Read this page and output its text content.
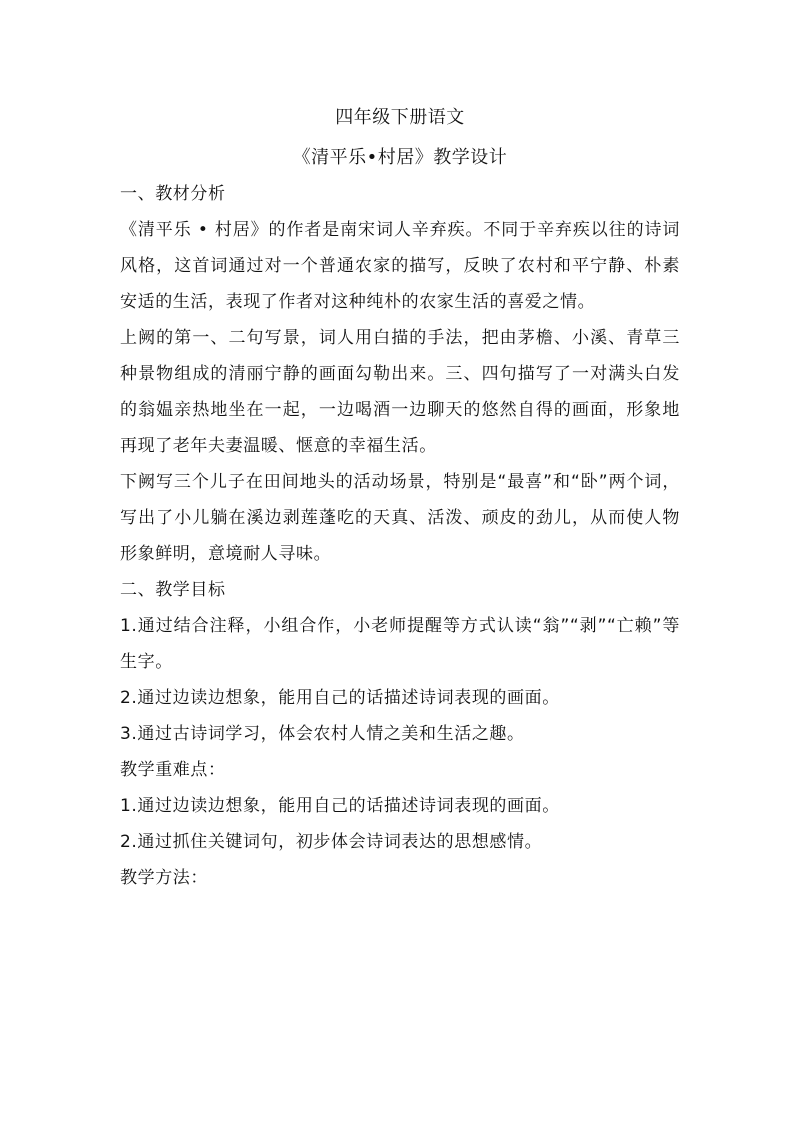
四年级下册语文
《清平乐•村居》教学设计

一、教材分析

《清平乐 • 村居》的作者是南宋词人辛弃疾。不同于辛弃疾以往的诗词风格，这首词通过对一个普通农家的描写，反映了农村和平宁静、朴素安适的生活，表现了作者对这种纯朴的农家生活的喜爱之情。

上阙的第一、二句写景，词人用白描的手法，把由茅檐、小溪、青草三种景物组成的清丽宁静的画面勾勒出来。三、四句描写了一对满头白发的翁媪亲热地坐在一起，一边喝酒一边聊天的悠然自得的画面，形象地再现了老年夫妻温暖、惬意的幸福生活。

下阙写三个儿子在田间地头的活动场景，特别是“最喜”和“卧”两个词，写出了小儿躺在溪边剥莲蓬吃的天真、活泼、顽皮的劲儿，从而使人物形象鲜明，意境耐人寻味。

二、教学目标

1.通过结合注释，小组合作，小老师提醒等方式认读“翁”“剥”“亡赖”等生字。

2.通过边读边想象，能用自己的话描述诗词表现的画面。

3.通过古诗词学习，体会农村人情之美和生活之趣。

教学重难点：

1.通过边读边想象，能用自己的话描述诗词表现的画面。

2.通过抓住关键词句，初步体会诗词表达的思想感情。

教学方法：
